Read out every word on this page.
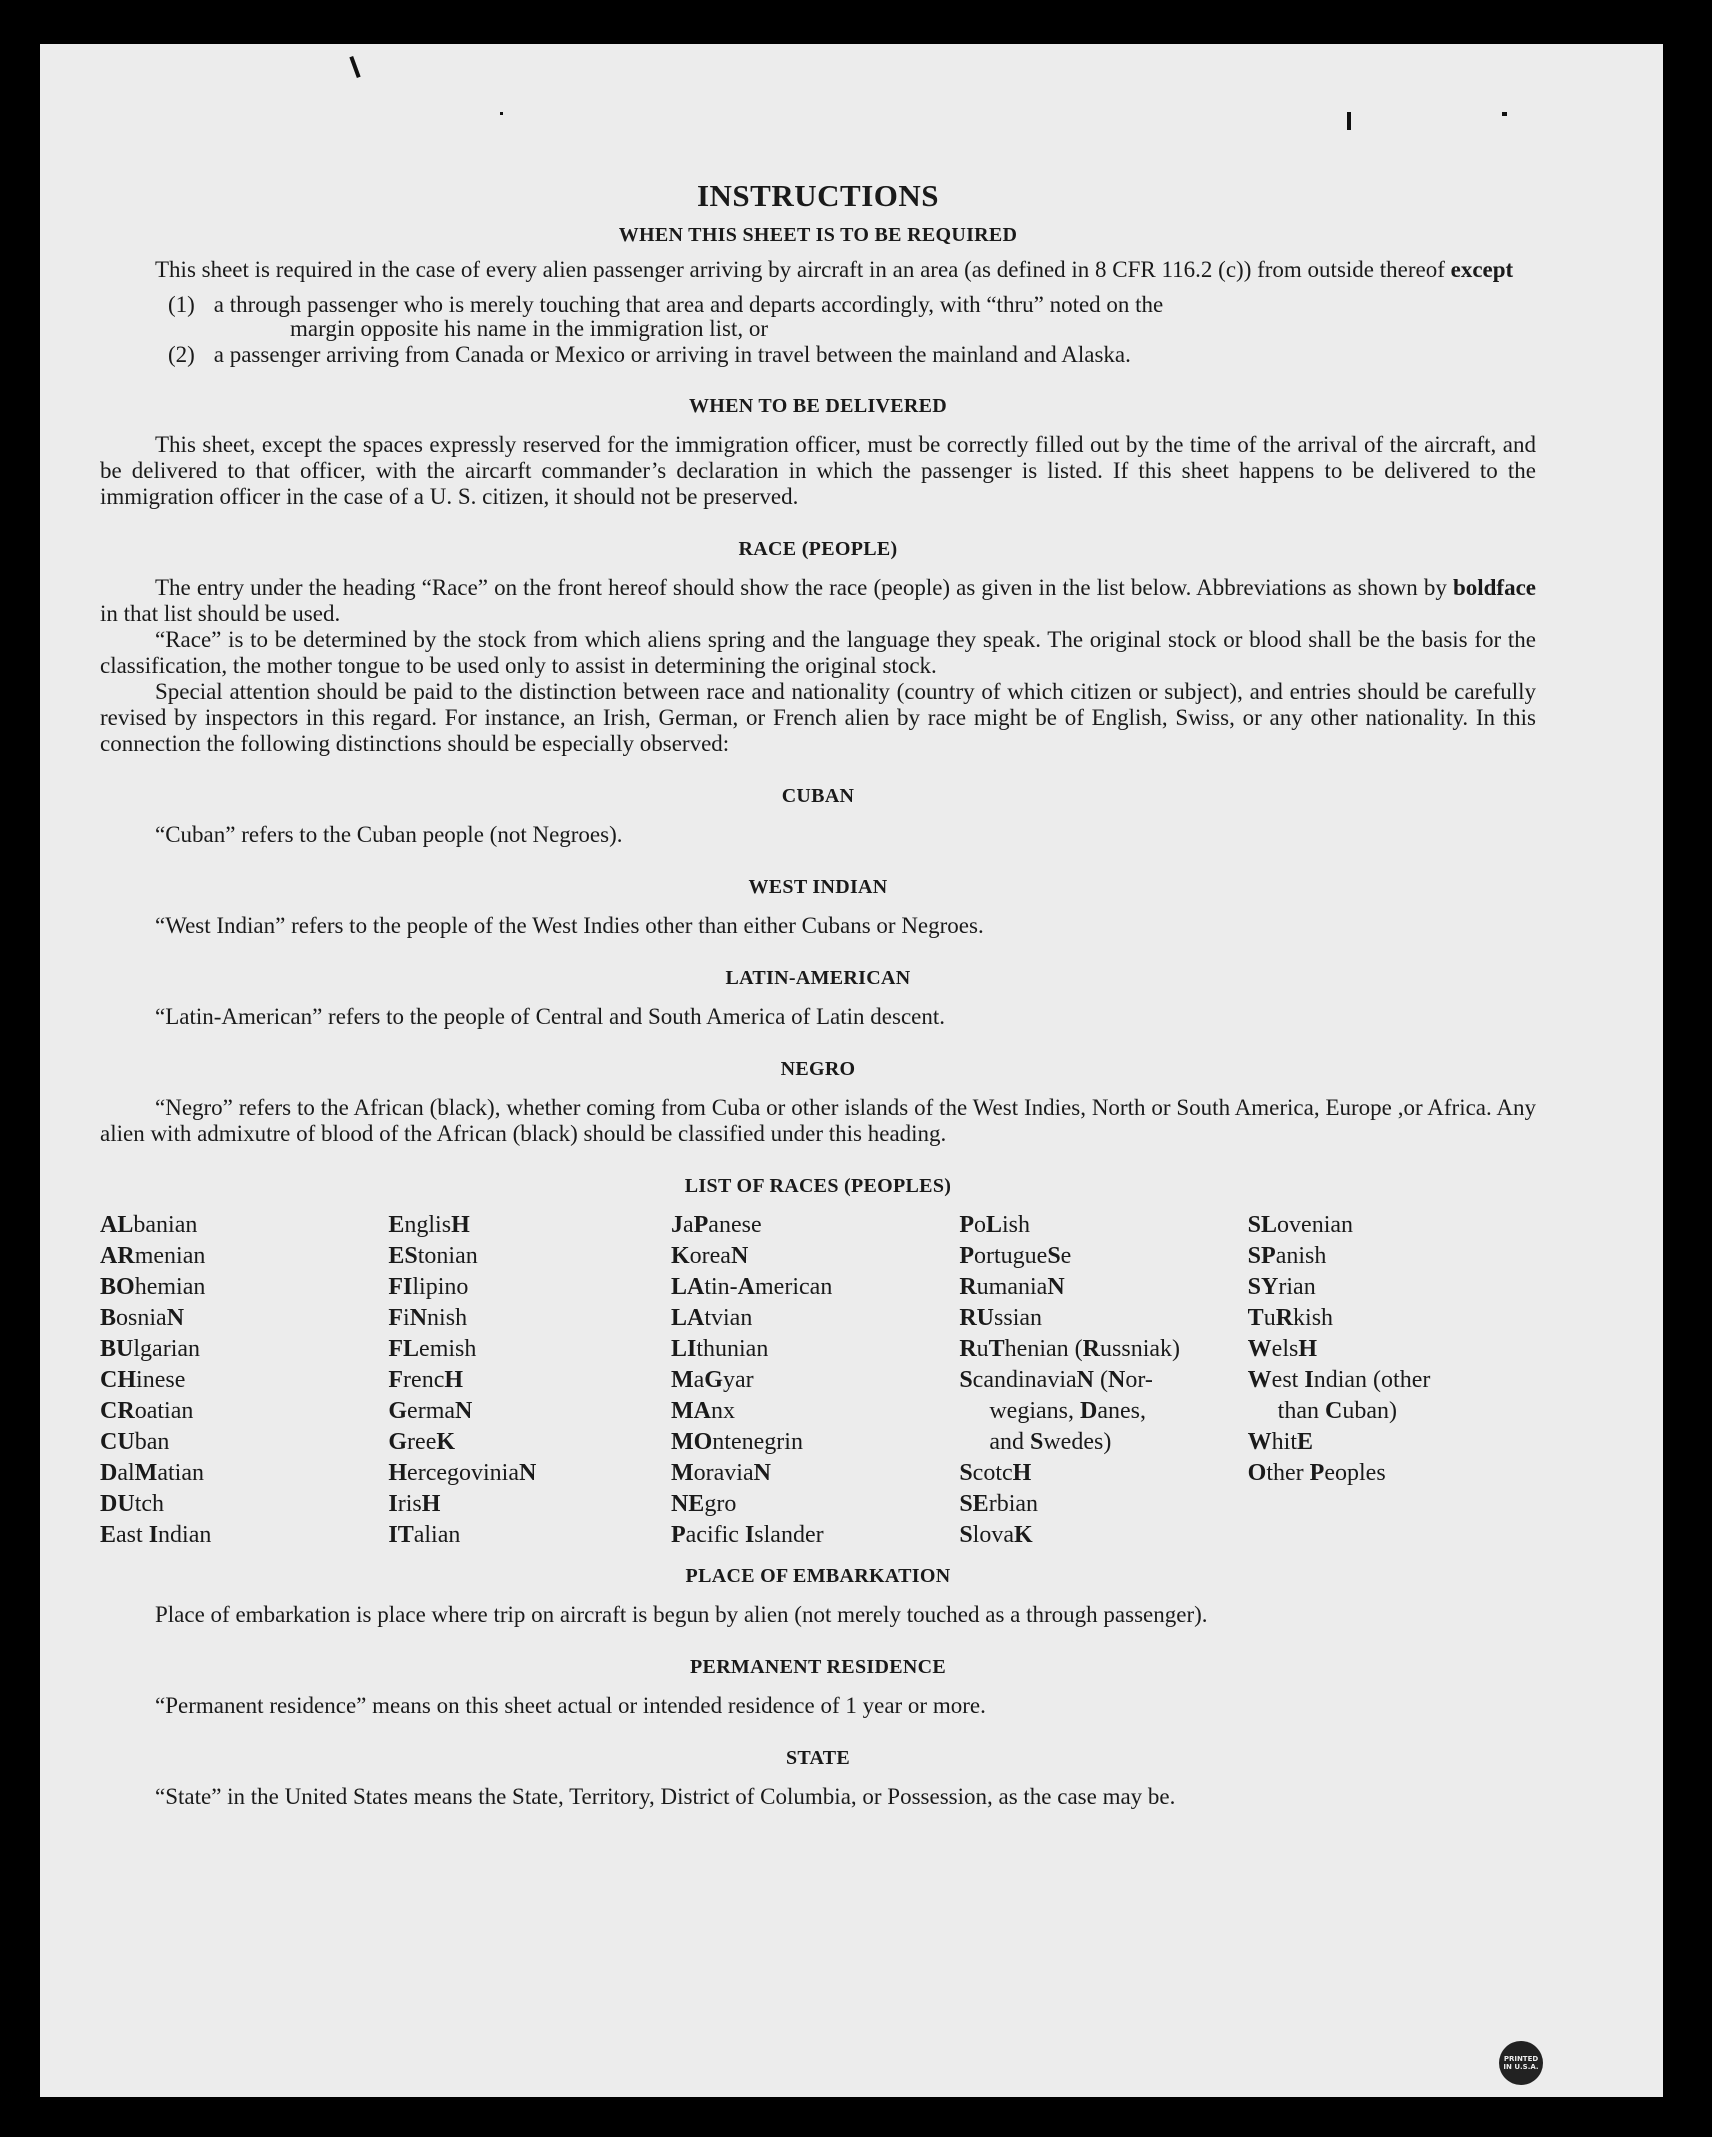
INSTRUCTIONS
WHEN THIS SHEET IS TO BE REQUIRED

This sheet is required in the case of every alien passenger arriving by aircraft in an area (as defined in 8 CFR 116.2 (c)) from outside thereof except

(1) a through passenger who is merely touching that area and departs accordingly, with “thru” noted on the
margin opposite his name in the immigration list, or
(2) a passenger arriving from Canada or Mexico or arriving in travel between the mainland and Alaska.
WHEN TO BE DELIVERED

This sheet, except the spaces expressly reserved for the immigration officer, must be correctly filled out by the time of the arrival of the aircraft, and be delivered to that officer, with the aircarft commander’s declaration in which the passenger is listed. If this sheet happens to be delivered to the immigration officer in the case of a U. S. citizen, it should not be preserved.

RACE (PEOPLE)

The entry under the heading “Race” on the front hereof should show the race (people) as given in the list below. Abbreviations as shown by boldface in that list should be used.

“Race” is to be determined by the stock from which aliens spring and the language they speak. The original stock or blood shall be the basis for the classification, the mother tongue to be used only to assist in determining the original stock.

Special attention should be paid to the distinction between race and nationality (country of which citizen or subject), and entries should be carefully revised by inspectors in this regard. For instance, an Irish, German, or French alien by race might be of English, Swiss, or any other nationality. In this connection the following distinctions should be especially observed:

CUBAN

“Cuban” refers to the Cuban people (not Negroes).

WEST INDIAN

“West Indian” refers to the people of the West Indies other than either Cubans or Negroes.

LATIN-AMERICAN

“Latin-American” refers to the people of Central and South America of Latin descent.

NEGRO

“Negro” refers to the African (black), whether coming from Cuba or other islands of the West Indies, North or South America, Europe ,or Africa. Any alien with admixutre of blood of the African (black) should be classified under this heading.

LIST OF RACES (PEOPLES)
ALbanian
ARmenian
BOhemian
BosniaN
BUlgarian
CHinese
CRoatian
CUban
DalMatian
DUtch
East Indian
EnglisH
EStonian
FIlipino
FiNnish
FLemish
FrencH
GermaN
GreeK
HercegoviniaN
IrisH
ITalian
JaPanese
KoreaN
LAtin-American
LAtvian
LIthunian
MaGyar
MAnx
MOntenegrin
MoraviaN
NEgro
Pacific Islander
PoLish
PortugueSe
RumaniaN
RUssian
RuThenian (Russniak)
ScandinaviaN (Nor-
wegians, Danes,
and Swedes)
ScotcH
SErbian
SlovaK
SLovenian
SPanish
SYrian
TuRkish
WelsH
West Indian (other
than Cuban)
WhitE
Other Peoples
PLACE OF EMBARKATION

Place of embarkation is place where trip on aircraft is begun by alien (not merely touched as a through passenger).

PERMANENT RESIDENCE

“Permanent residence” means on this sheet actual or intended residence of 1 year or more.

STATE

“State” in the United States means the State, Territory, District of Columbia, or Possession, as the case may be.

PRINTED IN U.S.A.
